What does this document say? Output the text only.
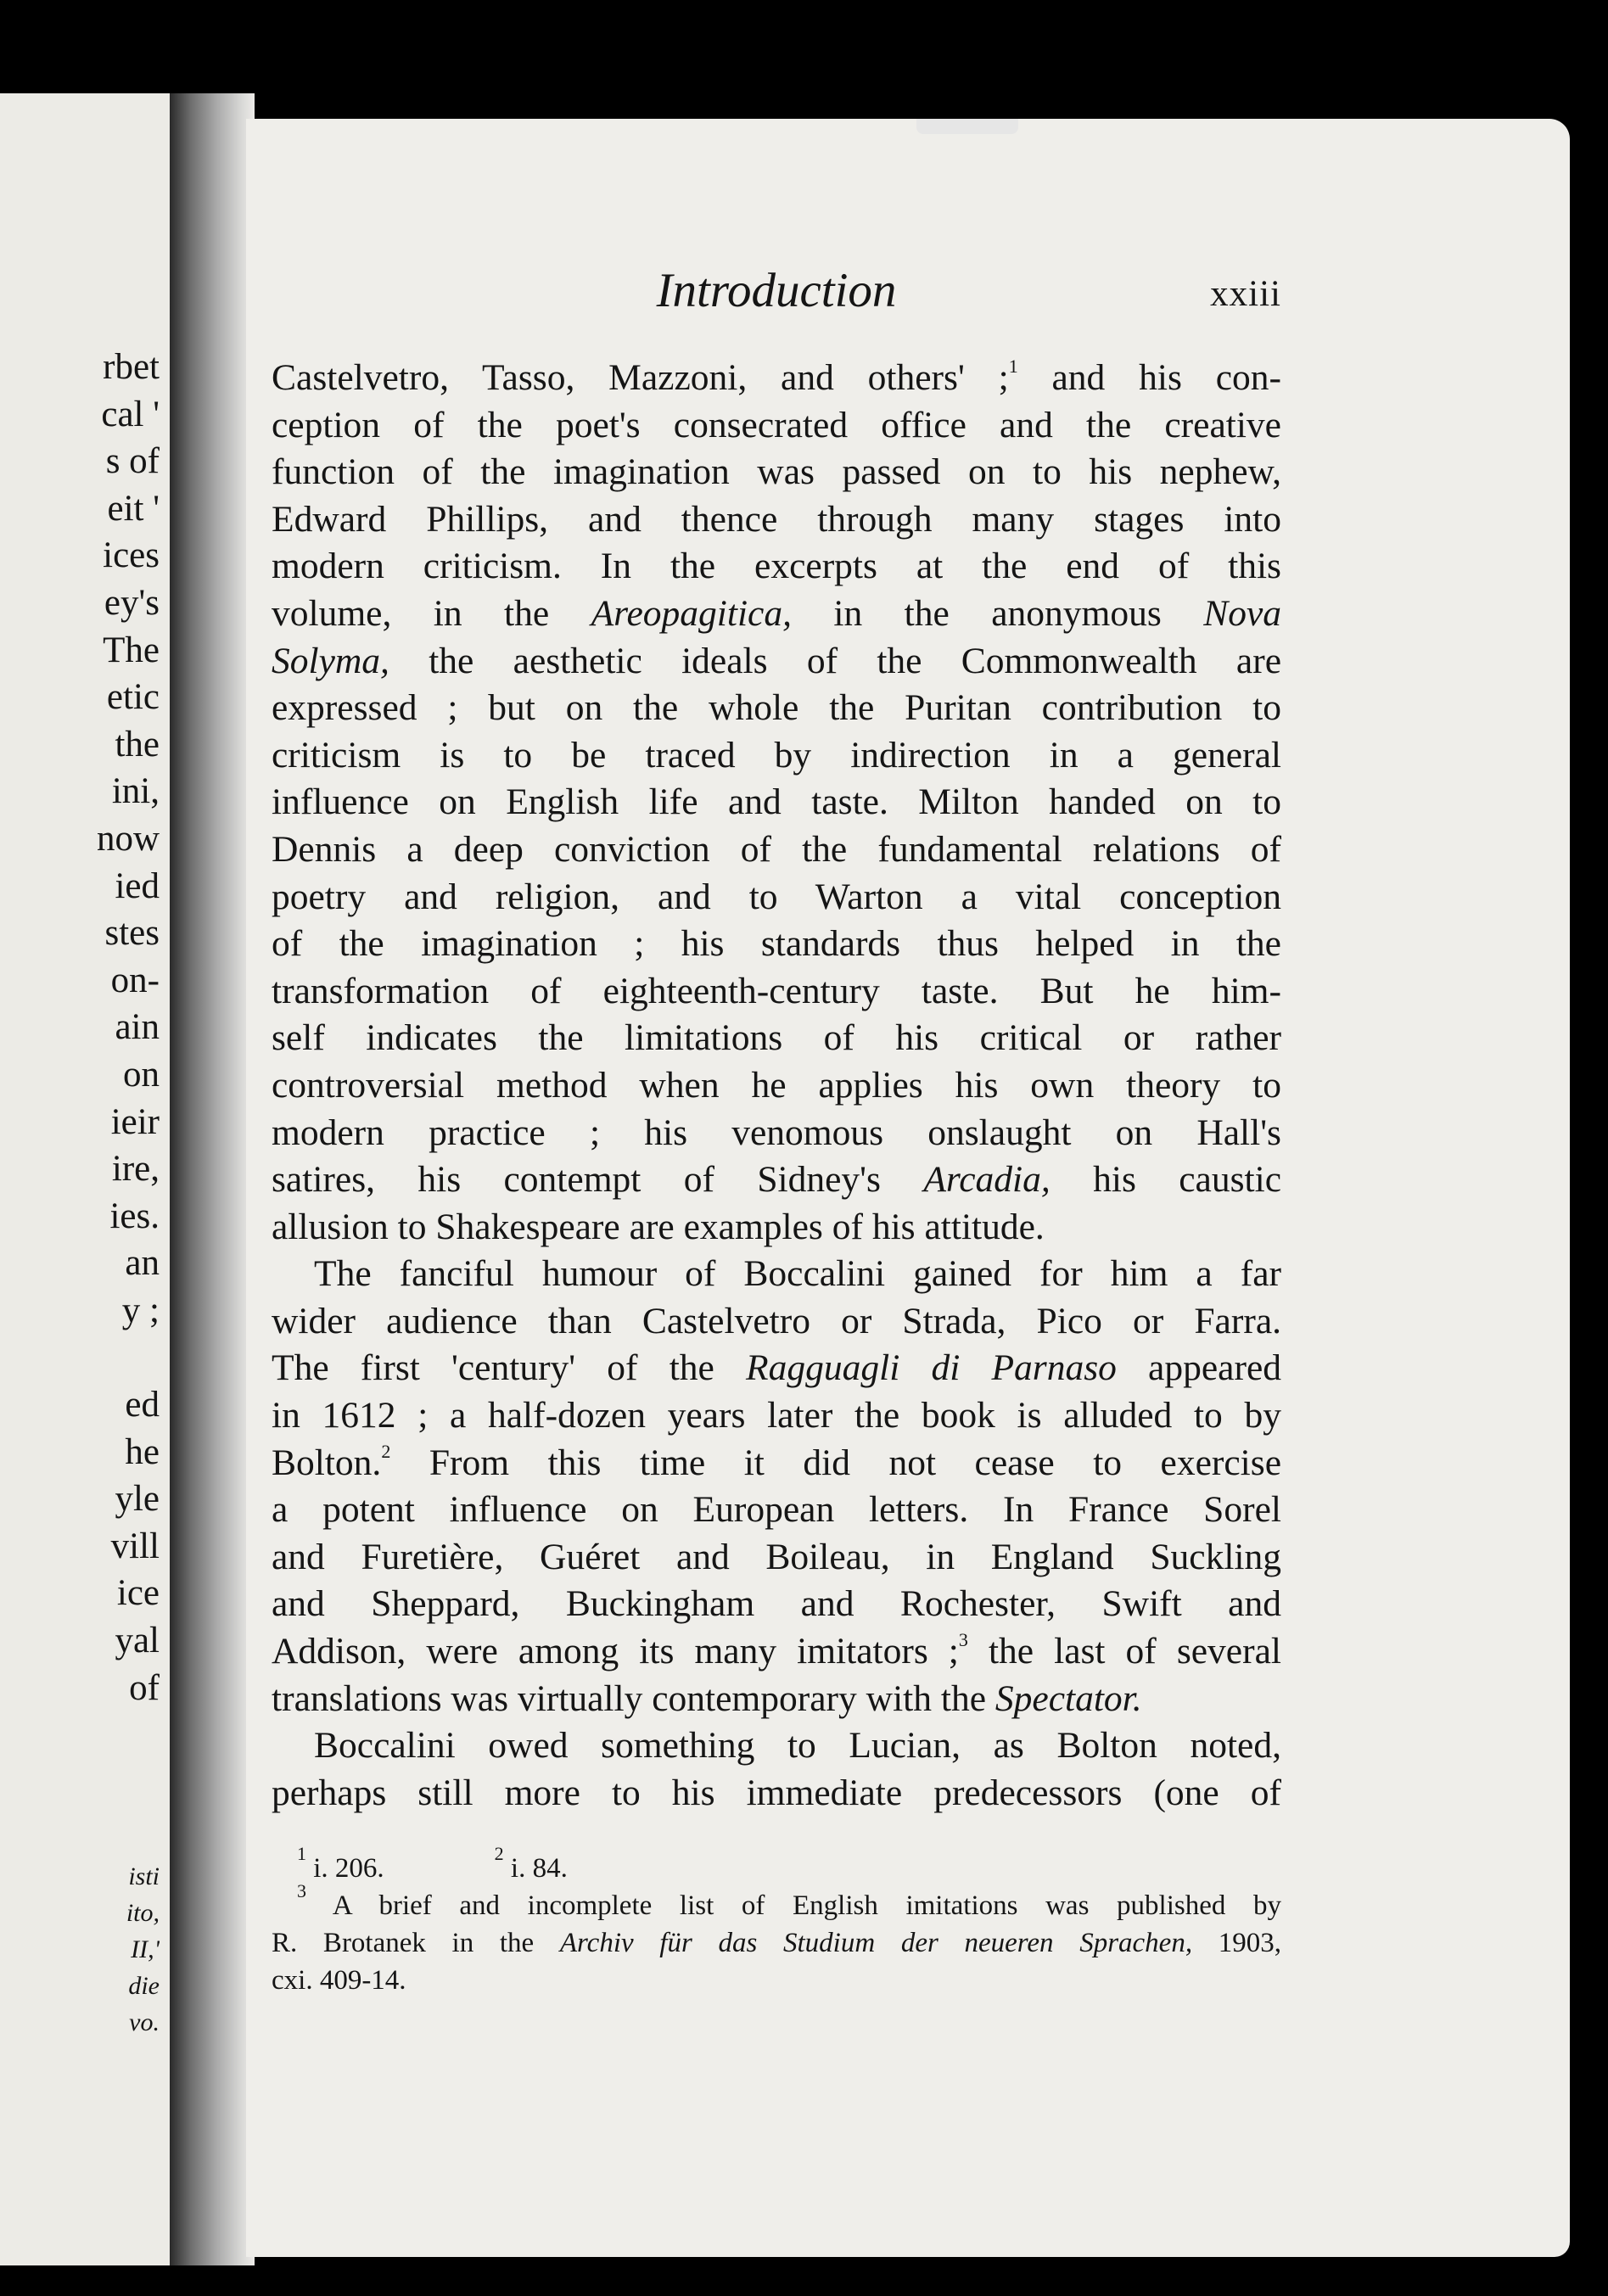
rbet
cal '
s of
eit '
ices
ey's
The
etic
the
ini,
now
ied
stes
on-
ain
on
ieir
ire,
ies.
an
y ;

ed
he
yle
vill
ice
yal
of
isti
ito,
II,'
die
vo.
Introduction	xxiii
Castelvetro, Tasso, Mazzoni, and others' ;$^1$ and his con-
ception of the poet's consecrated office and the creative
function of the imagination was passed on to his nephew,
Edward Phillips, and thence through many stages into
modern criticism. In the excerpts at the end of this
volume, in the Areopagitica, in the anonymous Nova
Solyma, the aesthetic ideals of the Commonwealth are
expressed ; but on the whole the Puritan contribution to
criticism is to be traced by indirection in a general
influence on English life and taste. Milton handed on to
Dennis a deep conviction of the fundamental relations of
poetry and religion, and to Warton a vital conception
of the imagination ; his standards thus helped in the
transformation of eighteenth-century taste. But he him-
self indicates the limitations of his critical or rather
controversial method when he applies his own theory to
modern practice ; his venomous onslaught on Hall's
satires, his contempt of Sidney's Arcadia, his caustic
allusion to Shakespeare are examples of his attitude.
The fanciful humour of Boccalini gained for him a far
wider audience than Castelvetro or Strada, Pico or Farra.
The first 'century' of the Ragguagli di Parnaso appeared
in 1612 ; a half-dozen years later the book is alluded to by
Bolton.$^2$ From this time it did not cease to exercise
a potent influence on European letters. In France Sorel
and Furetière, Guéret and Boileau, in England Suckling
and Sheppard, Buckingham and Rochester, Swift and
Addison, were among its many imitators ;$^3$ the last of several
translations was virtually contemporary with the Spectator.
Boccalini owed something to Lucian, as Bolton noted,
perhaps still more to his immediate predecessors (one of
$^1$ i. 206.	$^2$ i. 84.
$^3$ A brief and incomplete list of English imitations was published by
R. Brotanek in the Archiv für das Studium der neueren Sprachen, 1903,
cxi. 409-14.
